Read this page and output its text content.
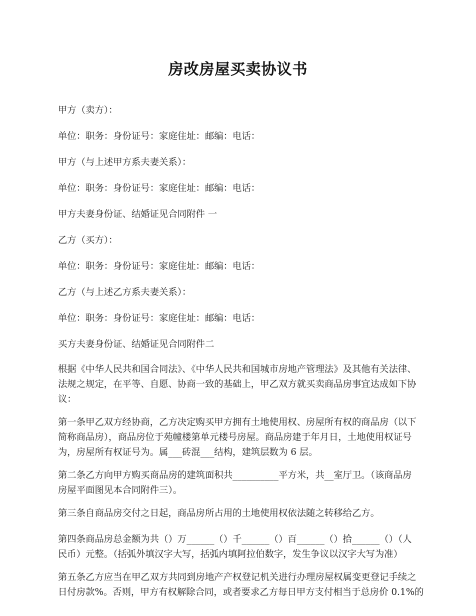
房改房屋买卖协议书
甲方（卖方）：
单位：职务：身份证号：家庭住址：邮编：电话：
甲方（与上述甲方系夫妻关系）：
单位：职务：身份证号：家庭住址：邮编：电话：
甲方夫妻身份证、结婚证见合同附件 一
乙方（买方）：
单位：职务：身份证号：家庭住址：邮编：电话：
乙方（与上述乙方系夫妻关系）：
单位：职务：身份证号：家庭住址：邮编：电话：
买方夫妻身份证、结婚证见合同附件二
根据《中华人民共和国合同法》、《中华人民共和国城市房地产管理法》及其他有关法律、
法规之规定，在平等、自愿、协商一致的基础上，甲乙双方就买卖商品房事宜达成如下协
议：
第一条甲乙双方经协商，乙方决定购买甲方拥有土地使用权、房屋所有权的商品房（以下
简称商品房），商品房位于苑幢楼第单元楼号房屋。商品房建于年月日，土地使用权证号
为，房屋所有权证号为。属___砖混___结构，建筑层数为 6 层。
第二条乙方向甲方购买商品房的建筑面积共__________平方米，共__室厅卫。（该商品房
房屋平面图见本合同附件三）。
第三条自商品房交付之日起，商品房所占用的土地使用权依法随之转移给乙方。
第四条商品房总金额为共（）万______（）千______（）百______（）拾______（）（人
民币）元整。（括弧外填汉字大写，括弧内填阿拉伯数字，发生争议以汉字大写为准）
第五条乙方应当在甲乙双方共同到房地产产权登记机关进行办理房屋权属变更登记手续之
日付房款%。否则，甲方有权解除合同，或者要求乙方每日甲方支付相当于总房价 0.1%的
